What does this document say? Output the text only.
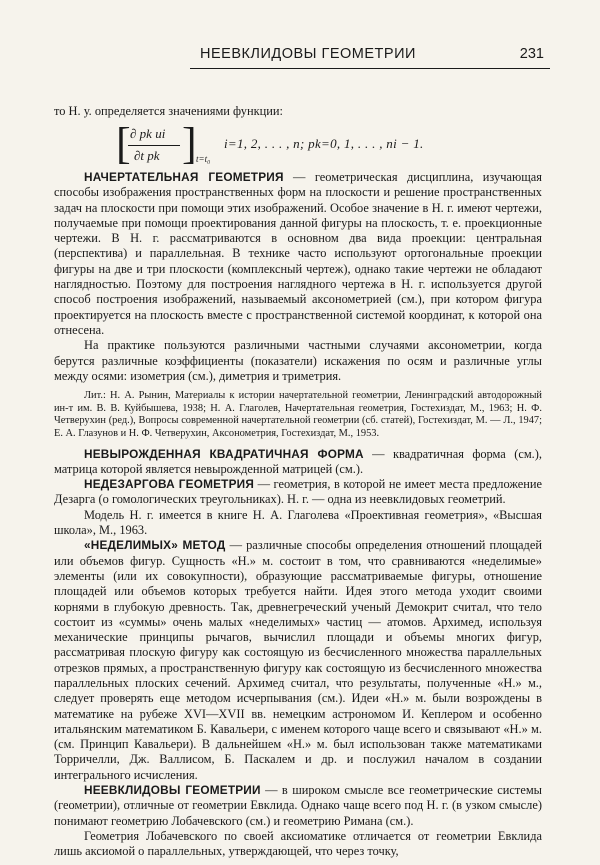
НЕЕВКЛИДОВЫ ГЕОМЕТРИИ	231
то Н. у. определяется значениями функции:
[ ∂ pk ui
∂t pk ] t=t₀
i=1, 2, . . . , n; pk=0, 1, . . . , ni − 1.

НАЧЕРТАТЕЛЬНАЯ ГЕОМЕТРИЯ — геометрическая дисциплина, изучающая способы изображения пространственных форм на плоскости и решение пространственных задач на плоскости при помощи этих изображений. Особое значение в Н. г. имеют чертежи, получаемые при помощи проектирования данной фигуры на плоскость, т. е. проекционные чертежи. В Н. г. рассматриваются в основном два вида проекции: центральная (перспектива) и параллельная. В технике часто используют ортогональные проекции фигуры на две и три плоскости (комплексный чертеж), однако такие чертежи не обладают наглядностью. Поэтому для построения наглядного чертежа в Н. г. используется другой способ построения изображений, называемый аксонометрией (см.), при котором фигура проектируется на плоскость вместе с пространственной системой координат, к которой она отнесена.

На практике пользуются различными частными случаями аксонометрии, когда берутся различные коэффициенты (показатели) искажения по осям и различные углы между осями: изометрия (см.), диметрия и триметрия.

Лит.: Н. А. Рынин, Материалы к истории начертательной геометрии, Ленинградский автодорожный ин-т им. В. В. Куйбышева, 1938; Н. А. Глаголев, Начертательная геометрия, Гостехиздат, М., 1963; Н. Ф. Четверухин (ред.), Вопросы современной начертательной геометрии (сб. статей), Гостехиздат, М. — Л., 1947; Е. А. Глазунов и Н. Ф. Четверухин, Аксонометрия, Гостехиздат, М., 1953.

НЕВЫРОЖДЕННАЯ КВАДРАТИЧНАЯ ФОРМА — квадратичная форма (см.), матрица которой является невырожденной матрицей (см.).

НЕДЕЗАРГОВА ГЕОМЕТРИЯ — геометрия, в которой не имеет места предложение Дезарга (о гомологических треугольниках). Н. г. — одна из неевклидовых геометрий.

Модель Н. г. имеется в книге Н. А. Глаголева «Проективная геометрия», «Высшая школа», М., 1963.

«НЕДЕЛИМЫХ» МЕТОД — различные способы определения отношений площадей или объемов фигур. Сущность «Н.» м. состоит в том, что сравниваются «неделимые» элементы (или их совокупности), образующие рассматриваемые фигуры, отношение площадей или объемов которых требуется найти. Идея этого метода уходит своими корнями в глубокую древность. Так, древнегреческий ученый Демокрит считал, что тело состоит из «суммы» очень малых «неделимых» частиц — атомов. Архимед, используя механические принципы рычагов, вычислил площади и объемы многих фигур, рассматривая плоскую фигуру как состоящую из бесчисленного множества параллельных отрезков прямых, а пространственную фигуру как состоящую из бесчисленного множества параллельных плоских сечений. Архимед считал, что результаты, полученные «Н.» м., следует проверять еще методом исчерпывания (см.). Идеи «Н.» м. были возрождены в математике на рубеже XVI—XVII вв. немецким астрономом И. Кеплером и особенно итальянским математиком Б. Кавальери, с именем которого чаще всего и связывают «Н.» м. (см. Принцип Кавальери). В дальнейшем «Н.» м. был использован также математиками Торричелли, Дж. Валлисом, Б. Паскалем и др. и послужил началом в создании интегрального исчисления.

НЕЕВКЛИДОВЫ ГЕОМЕТРИИ — в широком смысле все геометрические системы (геометрии), отличные от геометрии Евклида. Однако чаще всего под Н. г. (в узком смысле) понимают геометрию Лобачевского (см.) и геометрию Римана (см.).

Геометрия Лобачевского по своей аксиоматике отличается от геометрии Евклида лишь аксиомой о параллельных, утверждающей, что через точку,
